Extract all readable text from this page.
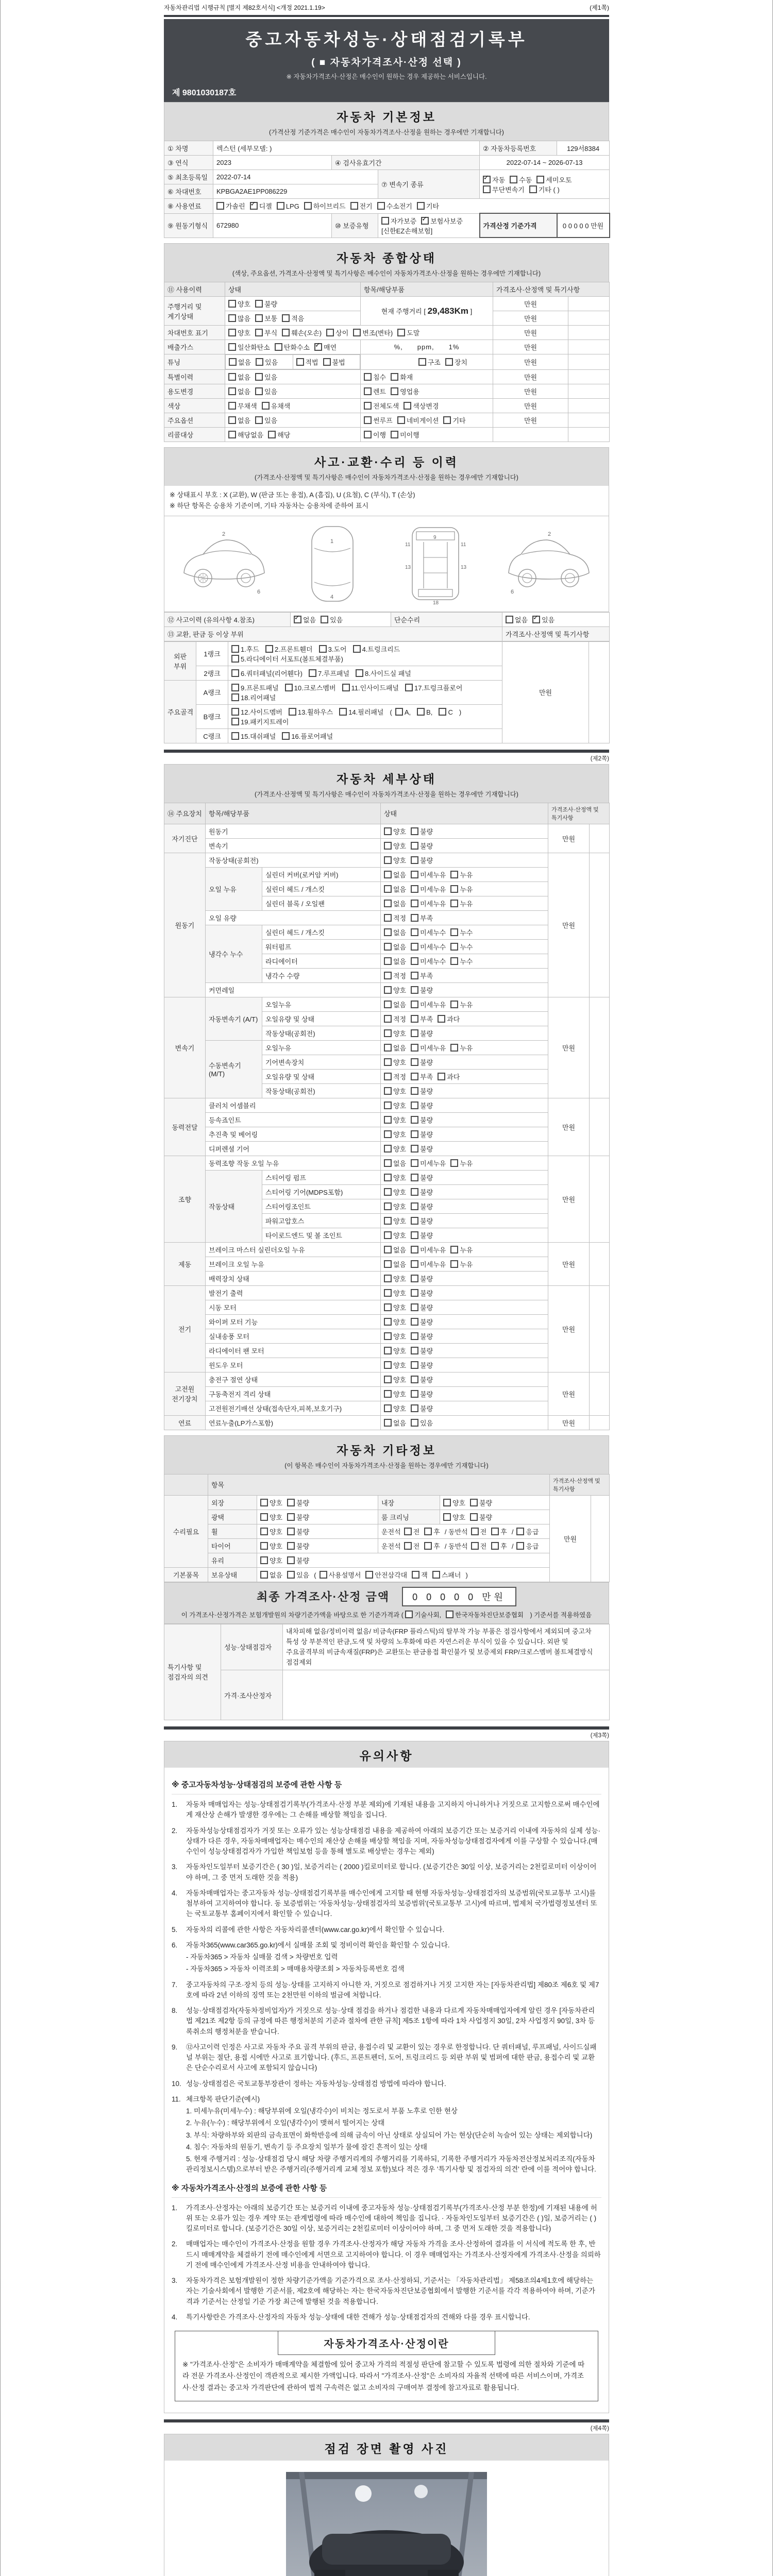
자동차관리법 시행규칙 [별지 제82호서식] <개정 2021.1.19>	(제1쪽)
중고자동차성능·상태점검기록부
( ■ 자동차가격조사·산정 선택 )
※ 자동차가격조사·산정은 매수인이 원하는 경우 제공하는 서비스입니다.
제 9801030187호
자동차 기본정보
(가격산정 기준가격은 매수인이 자동차가격조사·산정을 원하는 경우에만 기재합니다)
① 차명	렉스턴 (세부모델: )			② 자동차등록번호	129서8384
③ 연식	2023	④ 검사유효기간		2022-07-14 ~ 2026-07-13	
⑤ 최초등록일	2022-07-14		⑦ 변속기 종류	✓자동 수동 세미오토무단변속기 기타 ( )
⑥ 차대번호	KPBGA2AE1PP086229				
⑧ 사용연료	가솔린 ✓ 디젤 LPG 하이브리드 전기 수소전기 기타
⑨ 원동기형식	672980	⑩ 보증유형	자가보증 ✓ 보험사보증[신한EZ손해보험]	가격산정 기준가격	0 0 0 0 0 만원
자동차 종합상태
(색상, 주요옵션, 가격조사·산정액 및 특기사항은 매수인이 자동차가격조사·산정을 원하는 경우에만 기재합니다)
⑪ 사용이력	상태	항목/해당부품	가격조사·산정액 및 특기사항	
주행거리 및 계기상태	양호 불량	현재 주행거리 [ 29,483Km ]	만원	
	많음 보통 적음		만원	
차대번호 표기	양호 부식 훼손(오손) 상이 변조(변타) 도말		만원	
배출가스	일산화탄소 탄화수소 ✓ 매연	%,  ppm,  1%	만원	
튜닝		없음 있음	적법 불법	구조 장치	만원	
특별이력	없음 있음	침수 화재	만원	
용도변경	없음 있음	렌트 영업용	만원	
색상	무채색 유채색	전체도색 색상변경	만원	
주요옵션	없음 있음	썬루프 네비게이션 기타	만원	
리콜대상	해당없음 해당	이행 미이행		
사고·교환·수리 등 이력
(가격조사·산정액 및 특기사항은 매수인이 자동차가격조사·산정을 원하는 경우에만 기재합니다)
※ 상태표시 부호 : X (교환), W (판금 또는 용접), A (흠집), U (요철), C (부식), T (손상)
※ 하단 항목은 승용차 기준이며, 기타 자동차는 승용차에 준하여 표시
2
6
1
4
9
11	11
13	13
18
2
6
⑫ 사고이력 (유의사항 4.참조)	✓없음 있음	단순수리	없음 ✓ 있음
⑬ 교환, 판금 등 이상 부위			가격조사·산정액 및 특기사항
외판 부위	1랭크	1.후드 2.프론트휀더 3.도어 4.트렁크리드
5.라디에이터 서포트(볼트체결부품)	만원	
	2랭크	6.쿼터패널(리어휀다) 7.루프패널 8.사이드실 패널		
주요골격	A랭크	9.프론트패널 10.크로스멤버 11.인사이드패널 17.트렁크플로어
18.리어패널		
	B랭크	12.사이드멤버 13.휠하우스 14.필러패널 ( A, B, C )
19.패키지트레이		
	C랭크	15.대쉬패널 16.플로어패널		
(제2쪽)
자동차 세부상태
(가격조사·산정액 및 특기사항은 매수인이 자동차가격조사·산정을 원하는 경우에만 기재합니다)
⑭ 주요장치	항목/해당부품		상태	가격조사·산정액 및 특기사항	
자기진단	원동기		양호 불량	만원	
	변속기		양호 불량		
원동기	작동상태(공회전)		양호 불량	만원	
	오일 누유	실린더 커버(로커암 커버)	없음 미세누유 누유		
		실린더 헤드 / 개스킷	없음 미세누유 누유		
		실린더 블록 / 오일팬	없음 미세누유 누유		
	오일 유량		적정 부족		
	냉각수 누수	실린더 헤드 / 개스킷	없음 미세누수 누수		
		워터펌프	없음 미세누수 누수		
		라디에이터	없음 미세누수 누수		
		냉각수 수량	적정 부족		
	커먼레일		양호 불량		
변속기	자동변속기 (A/T)	오일누유	없음 미세누유 누유	만원	
		오일유량 및 상태	적정 부족 과다		
		작동상태(공회전)	양호 불량		
	수동변속기 (M/T)	오일누유	없음 미세누유 누유		
		기어변속장치	양호 불량		
		오일유량 및 상태	적정 부족 과다		
		작동상태(공회전)	양호 불량		
동력전달	클러치 어셈블리		양호 불량	만원	
	등속죠인트		양호 불량		
	추진축 및 베어링		양호 불량		
	디퍼렌셜 기어		양호 불량		
조향	동력조향 작동 오일 누유		없음 미세누유 누유	만원	
	작동상태	스티어링 펌프	양호 불량		
		스티어링 기어(MDPS포함)	양호 불량		
		스티어링조인트	양호 불량		
		파워고압호스	양호 불량		
		타이로드엔드 및 볼 조인트	양호 불량		
제동	브레이크 마스터 실린더오일 누유		없음 미세누유 누유	만원	
	브레이크 오일 누유		없음 미세누유 누유		
	배력장치 상태		양호 불량		
전기	발전기 출력		양호 불량	만원	
	시동 모터		양호 불량		
	와이퍼 모터 기능		양호 불량		
	실내송풍 모터		양호 불량		
	라디에이터 팬 모터		양호 불량		
	윈도우 모터		양호 불량		
고전원 전기장치	충전구 절연 상태		양호 불량	만원	
	구동축전지 격리 상태		양호 불량		
	고전원전기배선 상태(접속단자,피복,보호기구)		양호 불량		
연료	연료누출(LP가스포함)		없음 있음	만원	
자동차 기타정보
(이 항목은 매수인이 자동차가격조사·산정을 원하는 경우에만 기재합니다)
	항목				가격조사·산정액 및 특기사항	
수리필요	외장	양호 불량	내장	양호 불량	만원	
	광택	양호 불량	룸 크리닝	양호 불량		
	휠	양호 불량	운전석 전 후 / 동반석 전 후 / 응급			
	타이어	양호 불량	운전석 전 후 / 동반석 전 후 / 응급			
	유리	양호 불량				
기본품목	보유상태	없음 있음 ( 사용설명서 안전삼각대 잭 스패너 )				
최종 가격조사·산정 금액	0 0 0 0 0 만원
이 가격조사·산정가격은 보험개발원의 차량기준가액을 바탕으로 한 기준가격과 ( 기술사회, 한국자동차진단보증협회 ) 기준서를 적용하였음
특기사항 및 점검자의 의견	성능·상태점검자	내차피해 없음/정비이력 없음/ 비금속(FRP 플라스틱)의 탈부착 가능 부품은 점검사항에서 제외되며 중고차 특성 상 부분적인 판금,도색 및 차량의 노후화에 따른 자연스러운 부식이 있을 수 있습니다. 외판 및 주요골격부의 비금속재질(FRP)은 교환또는 판금용접 확인불가 및 보증제외 FRP/크로스멤버 볼트체결방식 점검제외
	가격·조사산정자	
(제3쪽)
유의사항
※ 중고자동차성능·상태점검의 보증에 관한 사항 등
1.	자동차 매매업자는 성능·상태점검기록부(가격조사·산정 부분 제외)에 기재된 내용을 고지하지 아니하거나 거짓으로 고지함으로써 매수인에게 재산상 손해가 발생한 경우에는 그 손해를 배상할 책임을 집니다.
2.	자동차성능상태점검자가 거짓 또는 오류가 있는 성능상태점검 내용을 제공하여 아래의 보증기간 또는 보증거리 이내에 자동차의 실제 성능·상태가 다른 경우, 자동차매매업자는 매수인의 재산상 손해를 배상할 책임을 지며, 자동차성능상태점검자에게 이를 구상할 수 있습니다.(매수인이 성능상태점검자가 가입한 책임보험 등을 통해 별도로 배상받는 경우는 제외)
3.	자동차인도일부터 보증기간은 ( 30 )일, 보증거리는 ( 2000 )킬로미터로 합니다. (보증기간은 30일 이상, 보증거리는 2천킬로미터 이상이어야 하며, 그 중 먼저 도래한 것을 적용)
4.	자동차매매업자는 중고자동차 성능·상태점검기록부를 매수인에게 고지할 때 현행 자동차성능·상태점검자의 보증범위(국토교통부 고시)를 첨부하여 고지하여야 합니다. 동 보증범위는 '자동차성능·상태점검자의 보증범위'(국토교통부 고시)에 따르며, 법제처 국가법령정보센터 또는 국토교통부 홈페이지에서 확인할 수 있습니다.
5.	자동차의 리콜에 관한 사항은 자동차리콜센터(www.car.go.kr)에서 확인할 수 있습니다.
6.	자동차365(www.car365.go.kr)에서 실매물 조회 및 정비이력 확인을 확인할 수 있습니다.
- 자동차365 > 자동차 실매물 검색 > 차량번호 입력
- 자동차365 > 자동차 이력조회 > 매매용차량조회 > 자동차등록번호 검색
7.	중고자동차의 구조·장치 등의 성능·상태를 고지하지 아니한 자, 거짓으로 점검하거나 거짓 고지한 자는 [자동차관리법] 제80조 제6호 및 제7호에 따라 2년 이하의 징역 또는 2천만원 이하의 벌금에 처합니다.
8.	성능·상태점검자(자동차정비업자)가 거짓으로 성능·상태 점검을 하거나 점검한 내용과 다르게 자동차매매업자에게 알린 경우 [자동차관리법 제21조 제2항 등의 규정에 따른 행정처분의 기준과 절차에 관한 규칙] 제5조 1항에 따라 1차 사업정지 30일, 2차 사업정지 90일, 3차 등록취소의 행정처분을 받습니다.
9.	⑫사고이력 인정은 사고로 자동차 주요 골격 부위의 판금, 용접수리 및 교환이 있는 경우로 한정합니다. 단 쿼터패널, 루프패널, 사이드실패널 부위는 절단, 용접 시에만 사고로 표기합니다. (후드, 프론트펜더, 도어, 트렁크리드 등 외판 부위 및 범퍼에 대한 판금, 용접수리 및 교환은 단순수리로서 사고에 포함되지 않습니다)
10. 성능·상태점검은 국토교통부장관이 정하는 자동차성능·상태점검 방법에 따라야 합니다.
11. 체크항목 판단기준(예시)
1. 미세누유(미세누수) : 해당부위에 오일(냉각수)이 비치는 정도로서 부품 노후로 인한 현상
2. 누유(누수) : 해당부위에서 오일(냉각수)이 맺혀서 떨어지는 상태
3. 부식: 차량하부와 외판의 금속표면이 화학반응에 의해 금속이 아닌 상태로 상실되어 가는 현상(단순히 녹슬어 있는 상태는 제외합니다)
4. 침수: 자동차의 원동기, 변속기 등 주요장치 일부가 물에 잠긴 흔적이 있는 상태
5. 현재 주행거리 : 성능·상태점검 당시 해당 차량 주행거리계의 주행거리를 기록하되, 기록한 주행거리가 자동차전산정보처리조직(자동차관리정보시스템)으로부터 받은 주행거리(주행거리계 교체 정보 포함)보다 적은 경우 '특기사항 및 점검자의 의견' 란에 이를 적어야 합니다.
※ 자동차가격조사·산정의 보증에 관한 사항 등
1.	가격조사·산정자는 아래의 보증기간 또는 보증거리 이내에 중고자동차 성능·상태점검기록부(가격조사·산정 부분 한정)에 기재된 내용에 허위 또는 오류가 있는 경우 계약 또는 관계법령에 따라 매수인에 대하여 책임을 집니다. · 자동차인도일부터 보증기간은 ( )일, 보증거리는 ( )킬로미터로 합니다. (보증기간은 30일 이상, 보증거리는 2천킬로미터 이상이어야 하며, 그 중 먼저 도래한 것을 적용합니다)
2.	매매업자는 매수인이 가격조사·산정을 원할 경우 가격조사·산정자가 해당 자동차 가격을 조사·산정하여 결과를 이 서식에 적도록 한 후, 반드시 매매계약을 체결하기 전에 매수인에게 서면으로 고지하여야 합니다. 이 경우 매매업자는 가격조사·산정자에게 가격조사·산정을 의뢰하기 전에 매수인에게 가격조사·산정 비용을 안내하여야 합니다.
3.	자동차가격은 보험개발원이 정한 차량기준가액을 기준가격으로 조사·산정하되, 기준서는 「자동차관리법」 제58조의4제1호에 해당하는 자는 기술사회에서 발행한 기준서를, 제2호에 해당하는 자는 한국자동차진단보증협회에서 발행한 기준서를 각각 적용하여야 하며, 기준가격과 기준서는 산정일 기준 가장 최근에 발행된 것을 적용합니다.
4.	특기사항란은 가격조사·산정자의 자동차 성능·상태에 대한 견해가 성능·상태점검자의 견해와 다를 경우 표시합니다.
자동차가격조사·산정이란
※ "가격조사·산정"은 소비자가 매매계약을 체결함에 있어 중고차 가격의 적절성 판단에 참고할 수 있도록 법령에 의한 절차와 기준에 따라 전문 가격조사·산정인이 객관적으로 제시한 가액입니다. 따라서 "가격조사·산정"은 소비자의 자율적 선택에 따른 서비스이며, 가격조사·산정 결과는 중고차 가격판단에 관하여 법적 구속력은 없고 소비자의 구매여부 결정에 참고자료로 활용됩니다.
(제4쪽)
점검 장면 촬영 사진
